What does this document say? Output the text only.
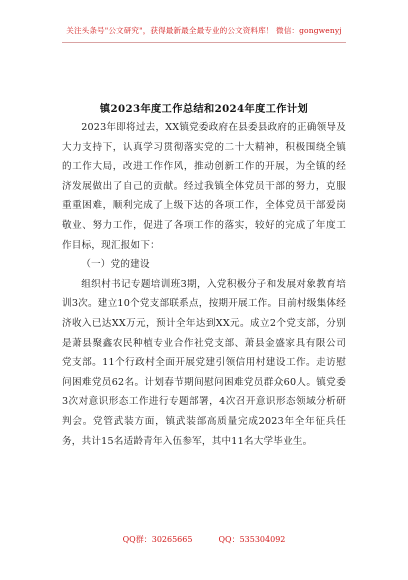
关注头条号"公文研究"，获得最新最全最专业的公文资料库！ 微信：gongwenyj
镇2023年度工作总结和2024年度工作计划

2023年即将过去，XX镇党委政府在县委县政府的正确领导及大力支持下，认真学习贯彻落实党的二十大精神，积极围绕全镇的工作大局，改进工作作风，推动创新工作的开展，为全镇的经济发展做出了自己的贡献。经过我镇全体党员干部的努力，克服重重困难，顺利完成了上级下达的各项工作，全体党员干部爱岗敬业、努力工作，促进了各项工作的落实，较好的完成了年度工作目标，现汇报如下：

（一）党的建设

组织村书记专题培训班3期，入党积极分子和发展对象教育培训3次。建立10个党支部联系点，按期开展工作。目前村级集体经济收入已达XX万元，预计全年达到XX元。成立2个党支部，分别是萧县聚鑫农民种植专业合作社党支部、萧县金盛家具有限公司党支部。11个行政村全面开展党建引领信用村建设工作。走访慰问困难党员62名。计划春节期间慰问困难党员群众60人。镇党委3次对意识形态工作进行专题部署，4次召开意识形态领域分析研判会。党管武装方面，镇武装部高质量完成2023年全年征兵任务，共计15名适龄青年入伍参军，其中11名大学毕业生。

QQ群：30265665	QQ：535304092
